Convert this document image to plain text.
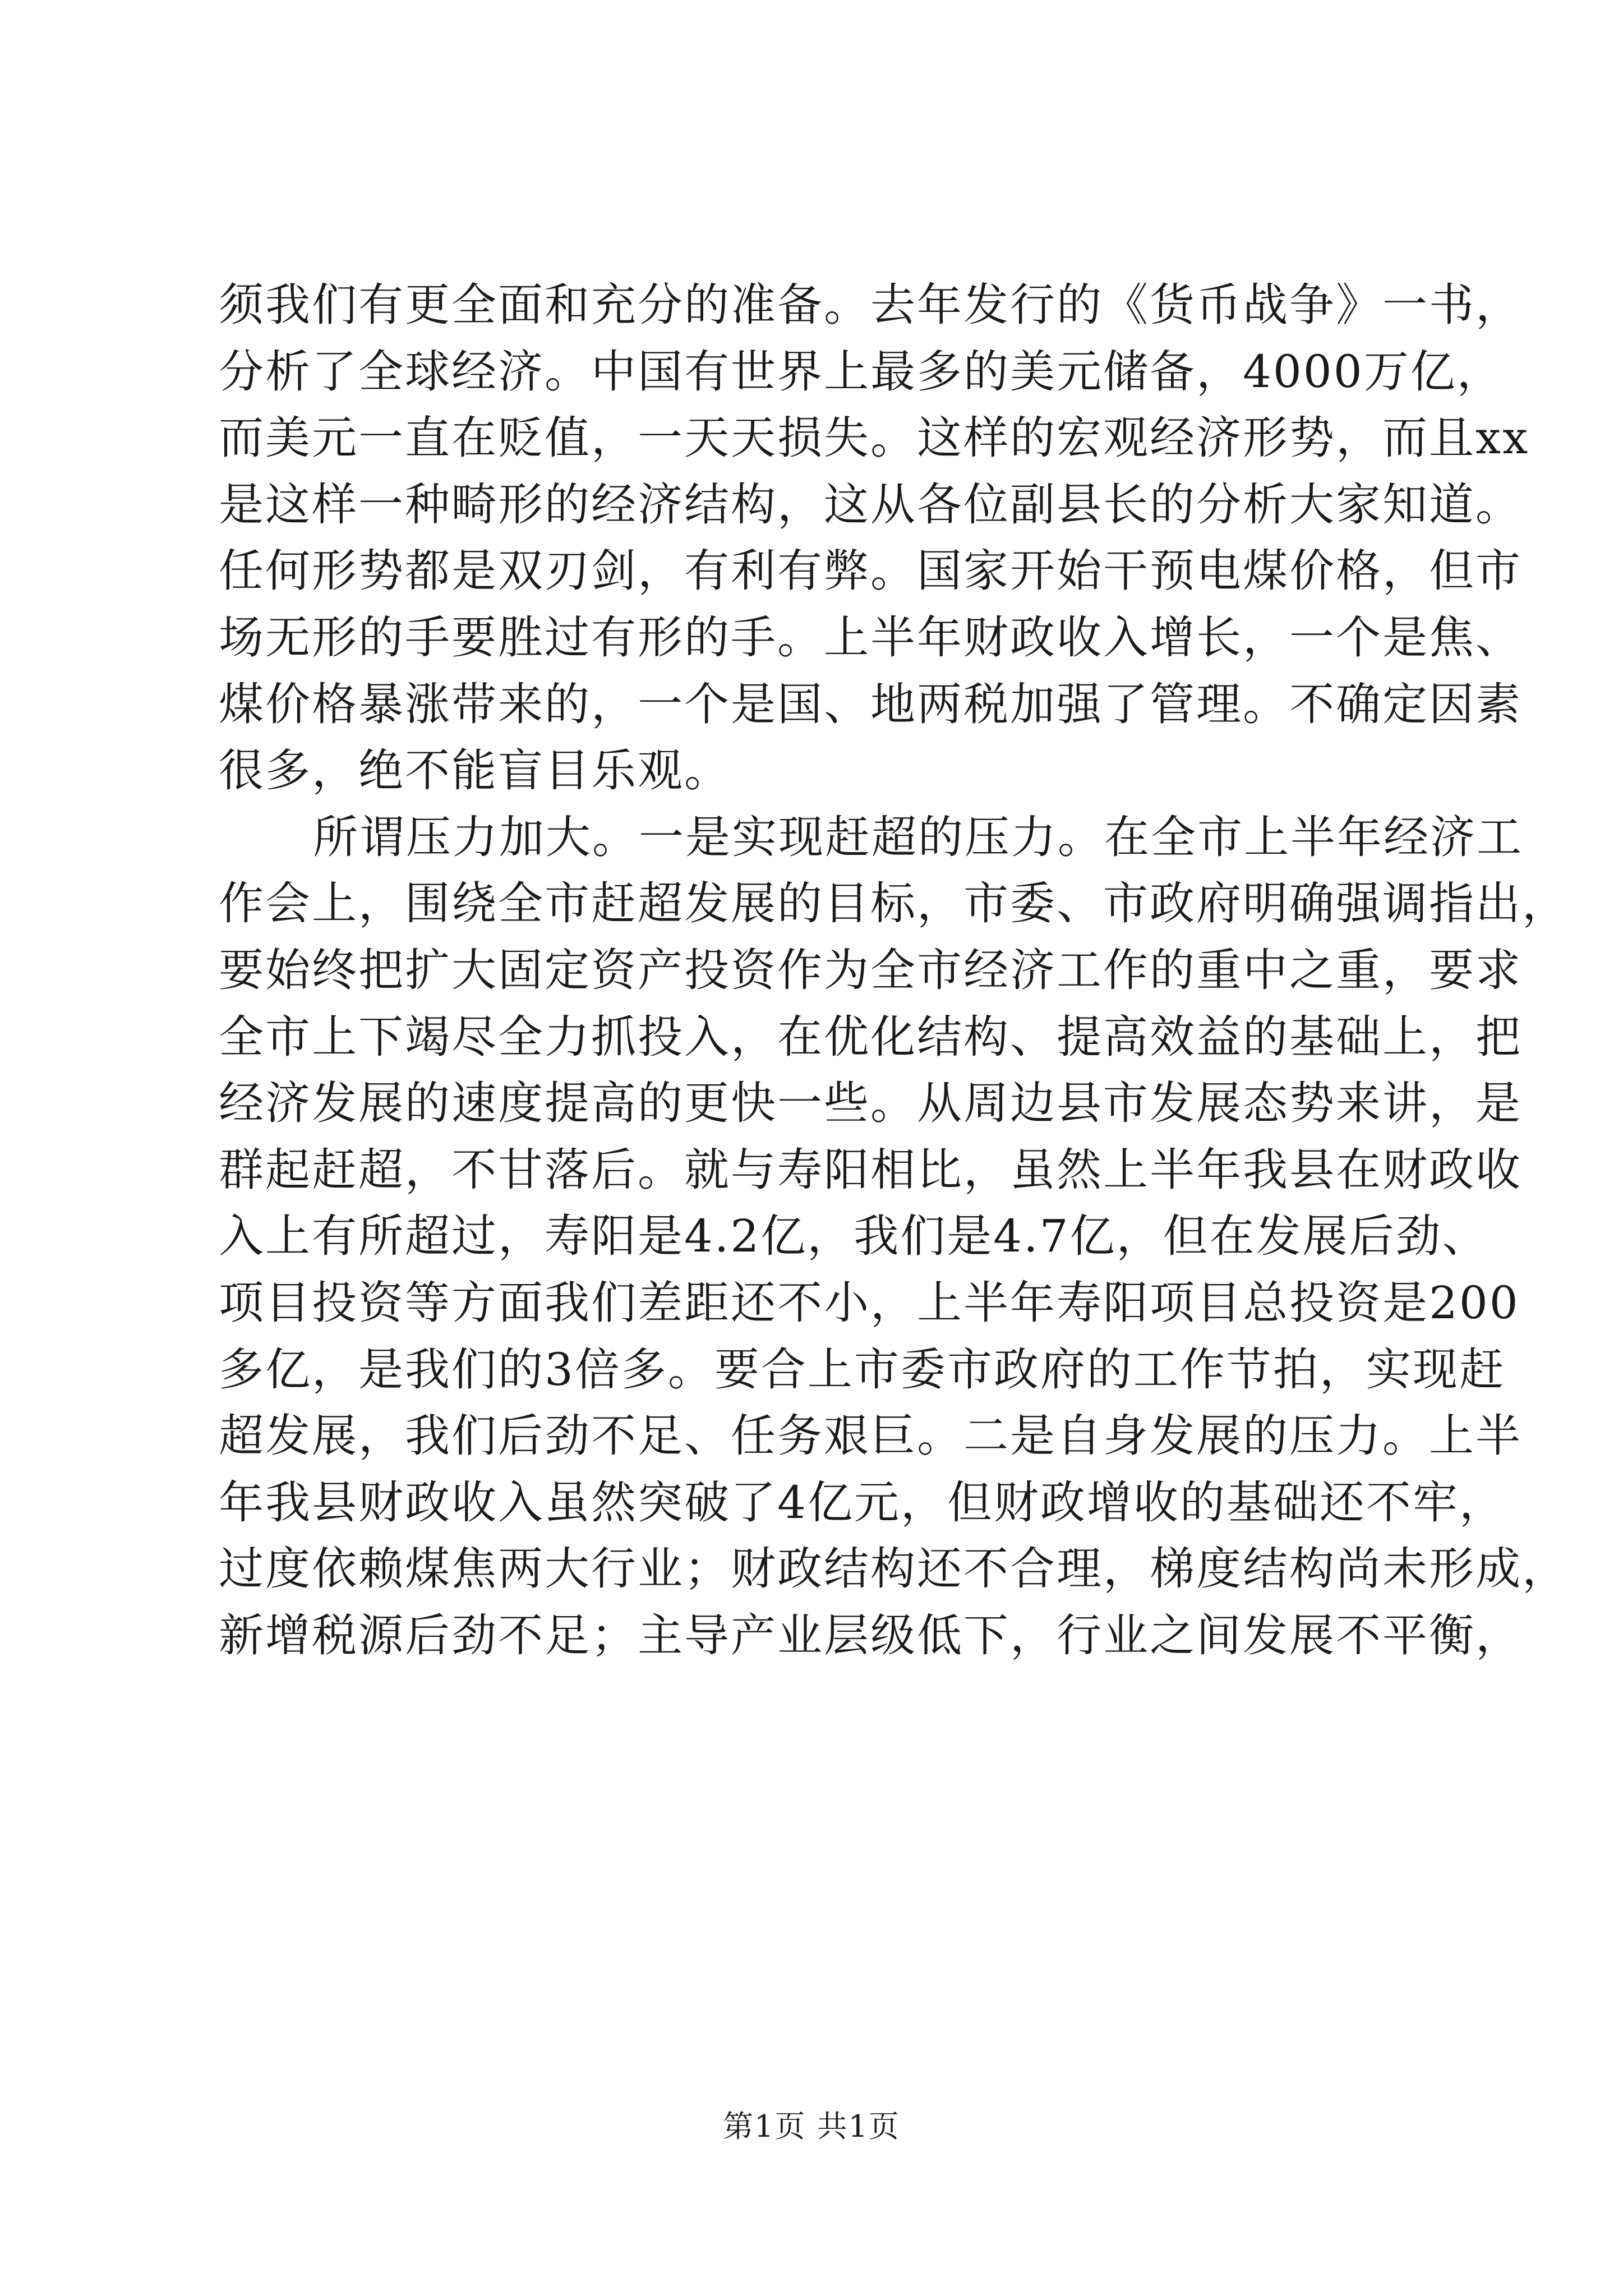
须 我 们 有 更 全 面 和 充 分 的 准 备 。 去 年 发 行 的 《 货 币 战 争 》 一 书 ，
分 析 了 全 球 经 济 。 中 国 有 世 界 上 最 多 的 美 元 储 备 ， 4000 万 亿 ，
而 美 元 一 直 在 贬 值 ， 一 天 天 损 失 。 这 样 的 宏 观 经 济 形 势 ， 而 且 xx
是 这 样 一 种 畸 形 的 经 济 结 构 ， 这 从 各 位 副 县 长 的 分 析 大 家 知 道 。
任 何 形 势 都 是 双 刃 剑 ， 有 利 有 弊 。 国 家 开 始 干 预 电 煤 价 格 ， 但 市
场 无 形 的 手 要 胜 过 有 形 的 手 。 上 半 年 财 政 收 入 增 长 ， 一 个 是 焦 、
煤 价 格 暴 涨 带 来 的 ， 一 个 是 国 、 地 两 税 加 强 了 管 理 。 不 确 定 因 素
很多，绝不能盲目乐观。
所 谓 压 力 加 大 。 一 是 实 现 赶 超 的 压 力 。 在 全 市 上 半 年 经 济 工
作 会 上 ， 围 绕 全 市 赶 超 发 展 的 目 标 ， 市 委 、 市 政 府 明 确 强 调 指 出 ，
要 始 终 把 扩 大 固 定 资 产 投 资 作 为 全 市 经 济 工 作 的 重 中 之 重 ， 要 求
全 市 上 下 竭 尽 全 力 抓 投 入 ， 在 优 化 结 构 、 提 高 效 益 的 基 础 上 ， 把
经 济 发 展 的 速 度 提 高 的 更 快 一 些 。 从 周 边 县 市 发 展 态 势 来 讲 ， 是
群 起 赶 超 ， 不 甘 落 后 。 就 与 寿 阳 相 比 ， 虽 然 上 半 年 我 县 在 财 政 收
入 上 有 所 超 过 ， 寿 阳 是 4.2 亿 ， 我 们 是 4.7 亿 ， 但 在 发 展 后 劲 、
项 目 投 资 等 方 面 我 们 差 距 还 不 小 ， 上 半 年 寿 阳 项 目 总 投 资 是 200
多 亿 ， 是 我 们 的 3 倍 多 。 要 合 上 市 委 市 政 府 的 工 作 节 拍 ， 实 现 赶
超 发 展 ， 我 们 后 劲 不 足 、 任 务 艰 巨 。 二 是 自 身 发 展 的 压 力 。 上 半
年 我 县 财 政 收 入 虽 然 突 破 了 4 亿 元 ， 但 财 政 增 收 的 基 础 还 不 牢 ，
过 度 依 赖 煤 焦 两 大 行 业 ； 财 政 结 构 还 不 合 理 ， 梯 度 结 构 尚 未 形 成 ，
新 增 税 源 后 劲 不 足 ； 主 导 产 业 层 级 低 下 ， 行 业 之 间 发 展 不 平 衡 ，
第1页 共1页
